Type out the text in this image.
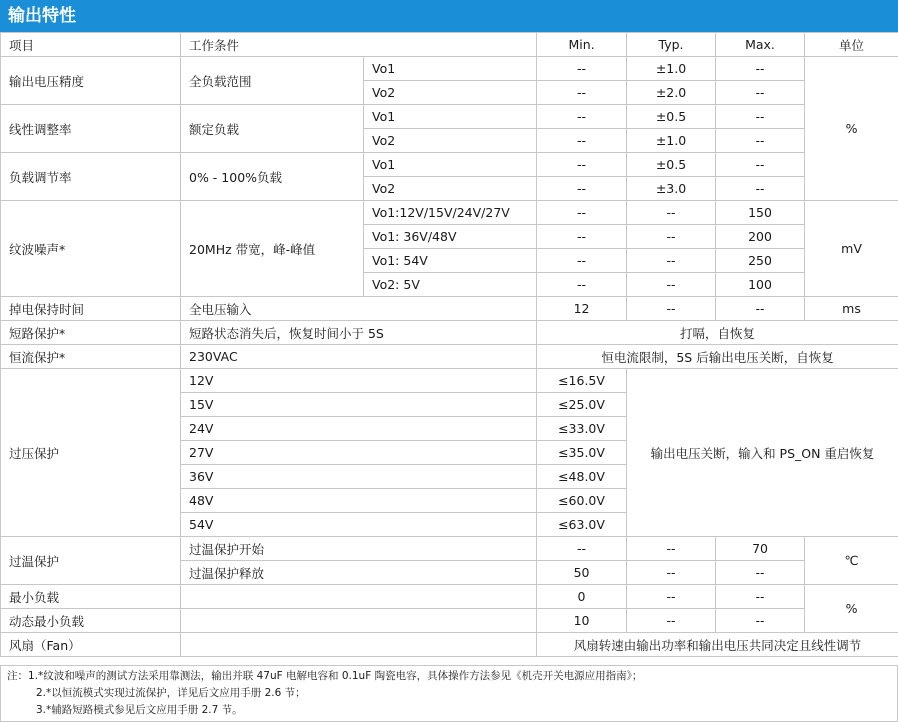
输出特性
项目	工作条件		Min.	Typ.	Max.	单位
输出电压精度	全负载范围	Vo1	--	±1.0	--	%
		Vo2	--	±2.0	--	
线性调整率	额定负载	Vo1	--	±0.5	--	
		Vo2	--	±1.0	--	
负载调节率	0% - 100%负载	Vo1	--	±0.5	--	
		Vo2	--	±3.0	--	
纹波噪声*	20MHz 带宽，峰-峰值	Vo1:12V/15V/24V/27V	--	--	150	mV
		Vo1: 36V/48V	--	--	200	
		Vo1: 54V	--	--	250	
		Vo2: 5V	--	--	100	
掉电保持时间	全电压输入		12	--	--	ms
短路保护*	短路状态消失后，恢复时间小于 5S		打嗝，自恢复			
恒流保护*	230VAC		恒电流限制，5S 后输出电压关断，自恢复			
过压保护	12V		≤16.5V	输出电压关断，输入和 PS_ON 重启恢复		
	15V		≤25.0V			
	24V		≤33.0V			
	27V		≤35.0V			
	36V		≤48.0V			
	48V		≤60.0V			
	54V		≤63.0V			
过温保护	过温保护开始		--	--	70	℃
	过温保护释放		50	--	--	
最小负载			0	--	--	%
动态最小负载			10	--	--	
风扇（Fan）			风扇转速由输出功率和输出电压共同决定且线性调节			
注：1.*纹波和噪声的测试方法采用靠测法，输出并联 47uF 电解电容和 0.1uF 陶瓷电容，具体操作方法参见《机壳开关电源应用指南》；
2.*以恒流模式实现过流保护，详见后文应用手册 2.6 节；
3.*辅路短路模式参见后文应用手册 2.7 节。
